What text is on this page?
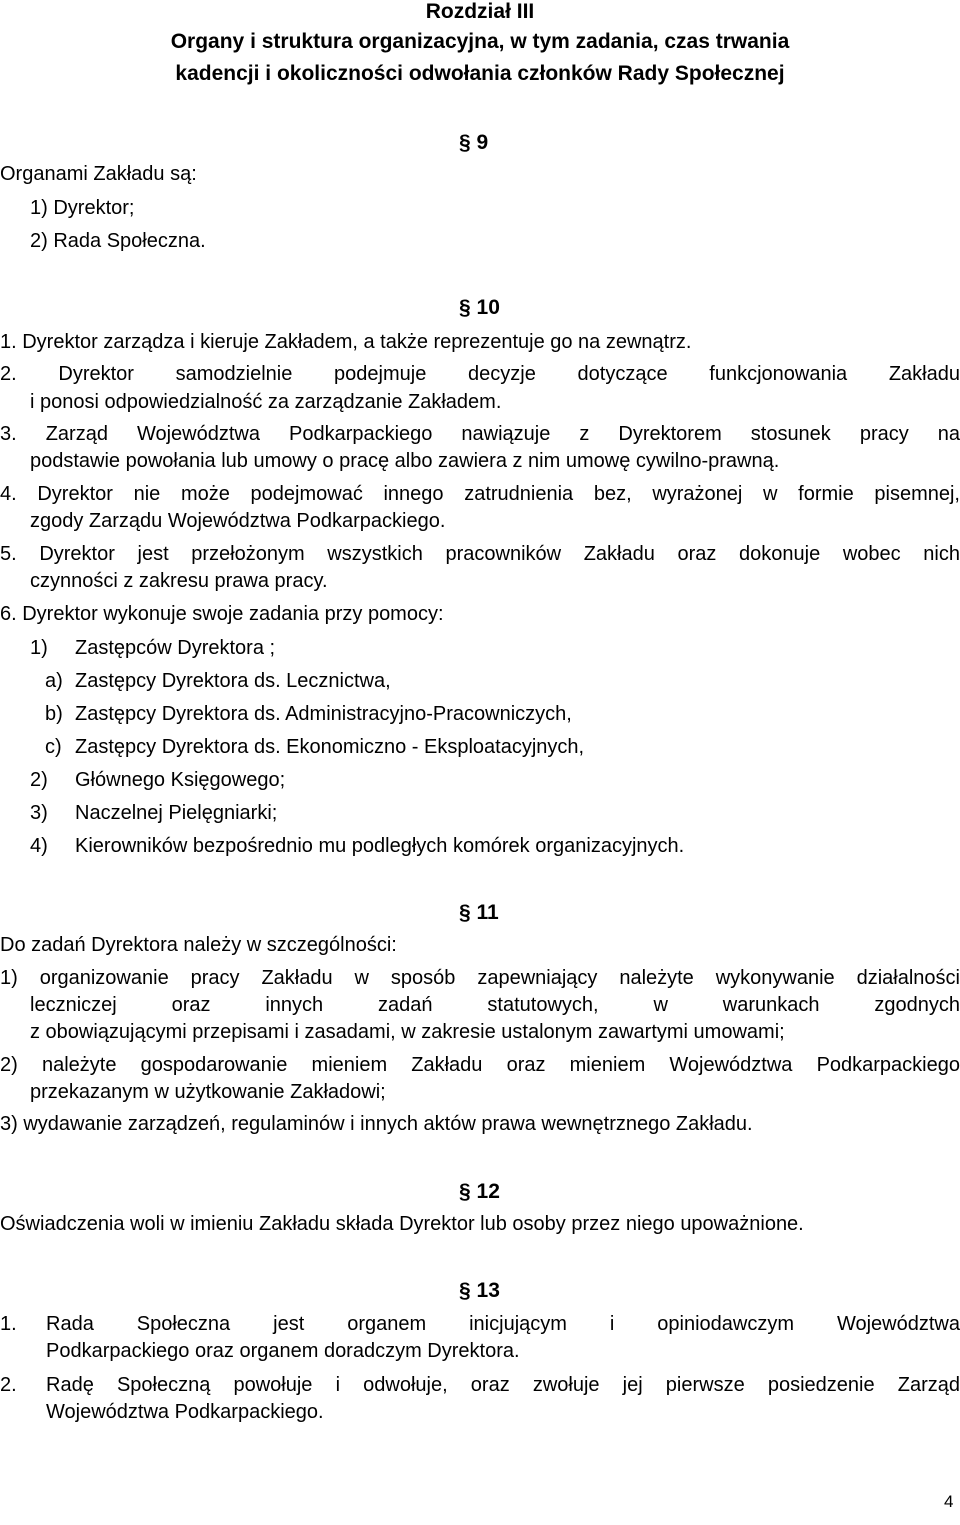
Rozdział III
Organy i struktura organizacyjna, w tym zadania, czas trwania
kadencji i okoliczności odwołania członków Rady Społecznej
§ 9
Organami Zakładu są:
1) Dyrektor;
2) Rada Społeczna.
§ 10
1. Dyrektor zarządza i kieruje Zakładem, a także reprezentuje go na zewnątrz.
2. Dyrektor samodzielnie podejmuje decyzje dotyczące funkcjonowania Zakładu
i ponosi odpowiedzialność za zarządzanie Zakładem.
3. Zarząd Województwa Podkarpackiego nawiązuje z Dyrektorem stosunek pracy na
podstawie powołania lub umowy o pracę albo zawiera z nim umowę cywilno-prawną.
4. Dyrektor nie może podejmować innego zatrudnienia bez, wyrażonej w formie pisemnej,
zgody Zarządu Województwa Podkarpackiego.
5. Dyrektor jest przełożonym wszystkich pracowników Zakładu oraz dokonuje wobec nich
czynności z zakresu prawa pracy.
6. Dyrektor wykonuje swoje zadania przy pomocy:
1) Zastępców Dyrektora ;
a) Zastępcy Dyrektora ds. Lecznictwa,
b) Zastępcy Dyrektora ds. Administracyjno-Pracowniczych,
c) Zastępcy Dyrektora ds. Ekonomiczno - Eksploatacyjnych,
2) Głównego Księgowego;
3) Naczelnej Pielęgniarki;
4) Kierowników bezpośrednio mu podległych komórek organizacyjnych.
§ 11
Do zadań Dyrektora należy w szczególności:
1) organizowanie pracy Zakładu w sposób zapewniający należyte wykonywanie działalności
leczniczej oraz innych zadań statutowych, w warunkach zgodnych
z obowiązującymi przepisami i zasadami, w zakresie ustalonym zawartymi umowami;
2) należyte gospodarowanie mieniem Zakładu oraz mieniem Województwa Podkarpackiego
przekazanym w użytkowanie Zakładowi;
3) wydawanie zarządzeń, regulaminów i innych aktów prawa wewnętrznego Zakładu.
§ 12
Oświadczenia woli w imieniu Zakładu składa Dyrektor lub osoby przez niego upoważnione.
§ 13
1. Rada Społeczna jest organem inicjującym i opiniodawczym Województwa
Podkarpackiego oraz organem doradczym Dyrektora.
2. Radę Społeczną powołuje i odwołuje, oraz zwołuje jej pierwsze posiedzenie Zarząd
Województwa Podkarpackiego.
4
